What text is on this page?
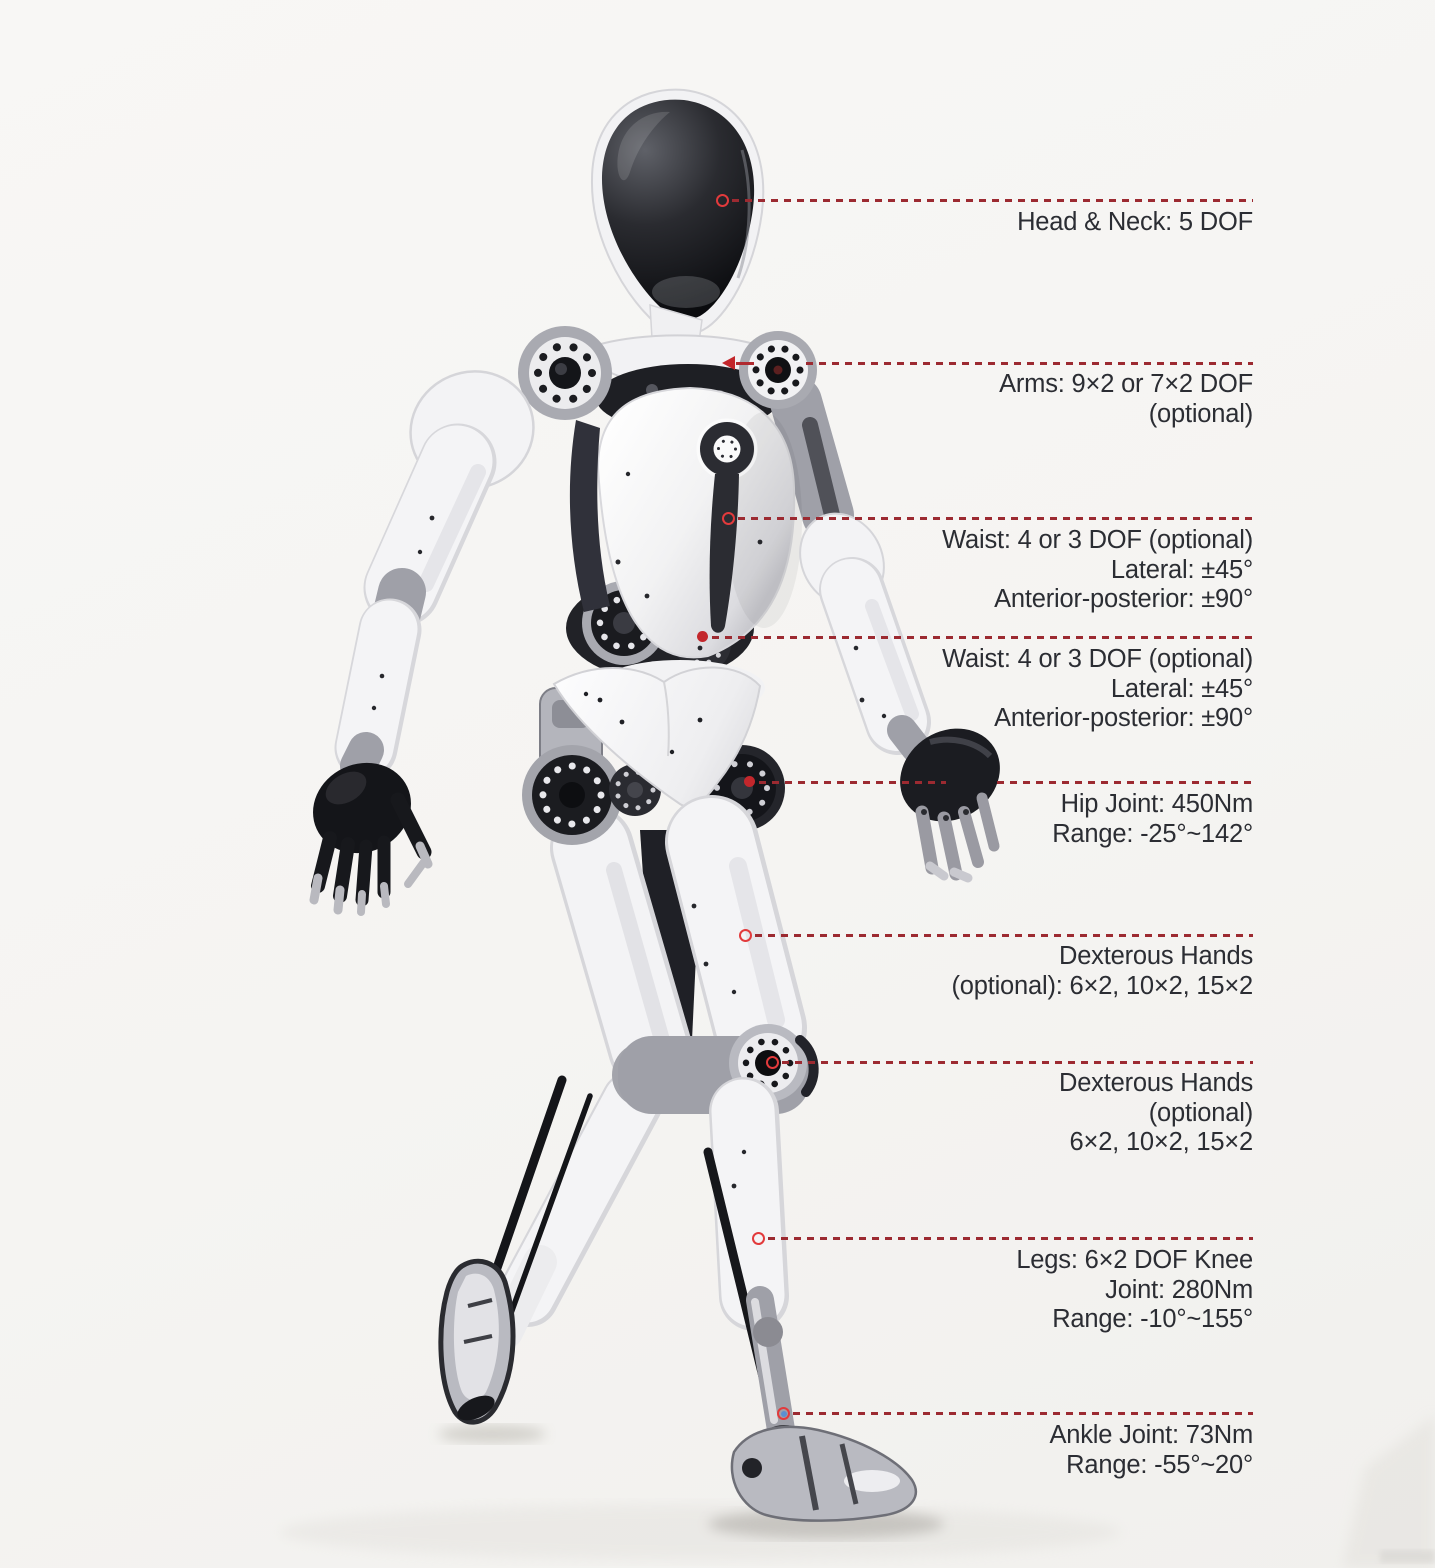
Head & Neck: 5 DOF
Arms: 9×2 or 7×2 DOF
(optional)
Waist: 4 or 3 DOF (optional)
Lateral: ±45°
Anterior-posterior: ±90°
Waist: 4 or 3 DOF (optional)
Lateral: ±45°
Anterior-posterior: ±90°
Hip Joint: 450Nm
Range: -25°~142°
Dexterous Hands
(optional): 6×2, 10×2, 15×2
Dexterous Hands
(optional)
6×2, 10×2, 15×2
Legs: 6×2 DOF Knee
Joint: 280Nm
Range: -10°~155°
Ankle Joint: 73Nm
Range: -55°~20°
